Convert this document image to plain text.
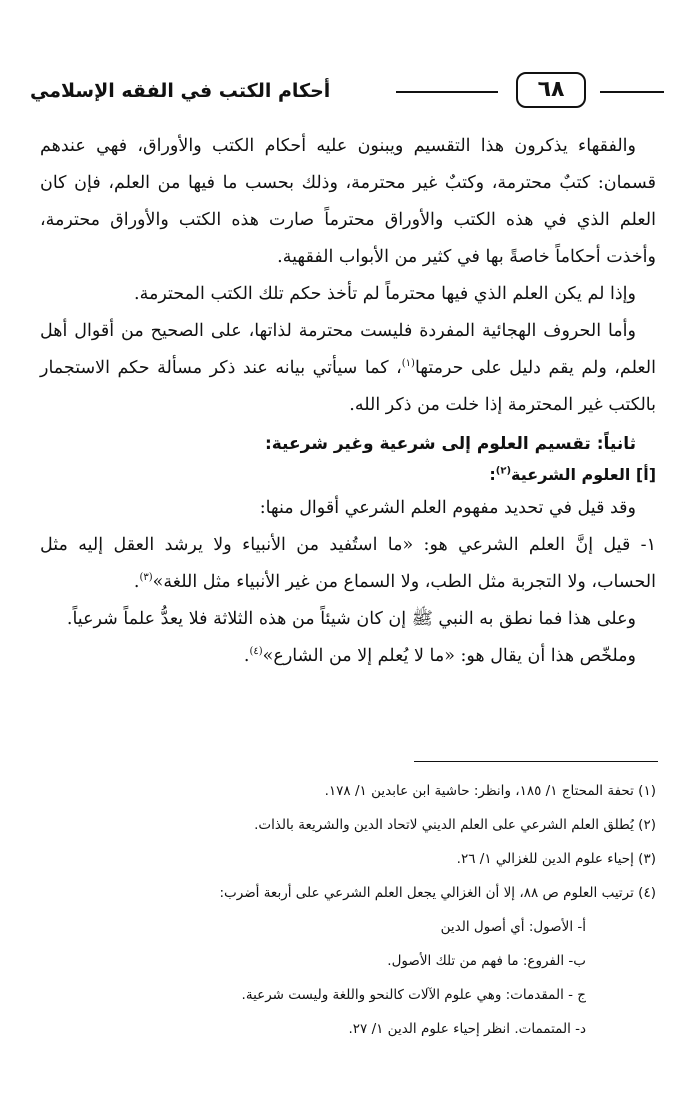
٦٨
أحكام الكتب في الفقه الإسلامي

والفقهاء يذكرون هذا التقسيم ويبنون عليه أحكام الكتب والأوراق، فهي عندهم قسمان: كتبٌ محترمة، وكتبٌ غير محترمة، وذلك بحسب ما فيها من العلم، فإن كان العلم الذي في هذه الكتب والأوراق محترماً صارت هذه الكتب والأوراق محترمة، وأخذت أحكاماً خاصةً بها في كثير من الأبواب الفقهية.

وإذا لم يكن العلم الذي فيها محترماً لم تأخذ حكم تلك الكتب المحترمة.

وأما الحروف الهجائية المفردة فليست محترمة لذاتها، على الصحيح من أقوال أهل العلم، ولم يقم دليل على حرمتها$^{(١)}$، كما سيأتي بيانه عند ذكر مسألة حكم الاستجمار بالكتب غير المحترمة إذا خلت من ذكر الله.

ثانياً: تقسيم العلوم إلى شرعية وغير شرعية:

[أ] العلوم الشرعية$^{(٢)}$:

وقد قيل في تحديد مفهوم العلم الشرعي أقوال منها:

١- قيل إنَّ العلم الشرعي هو: «ما استُفيد من الأنبياء ولا يرشد العقل إليه مثل الحساب، ولا التجربة مثل الطب، ولا السماع من غير الأنبياء مثل اللغة»$^{(٣)}$.

وعلى هذا فما نطق به النبي ﷺ إن كان شيئاً من هذه الثلاثة فلا يعدُّ علماً شرعياً.

وملخّص هذا أن يقال هو: «ما لا يُعلم إلا من الشارع»$^{(٤)}$.

(١) تحفة المحتاج ١/ ١٨٥، وانظر: حاشية ابن عابدين ١/ ١٧٨.

(٢) يُطلق العلم الشرعي على العلم الديني لاتحاد الدين والشريعة بالذات.

(٣) إحياء علوم الدين للغزالي ١/ ٢٦.

(٤) ترتيب العلوم ص ٨٨، إلا أن الغزالي يجعل العلم الشرعي على أربعة أضرب:

أ- الأصول: أي أصول الدين

ب- الفروع: ما فهم من تلك الأصول.

ج - المقدمات: وهي علوم الآلات كالنحو واللغة وليست شرعية.

د- المتممات. انظر إحياء علوم الدين ١/ ٢٧.
